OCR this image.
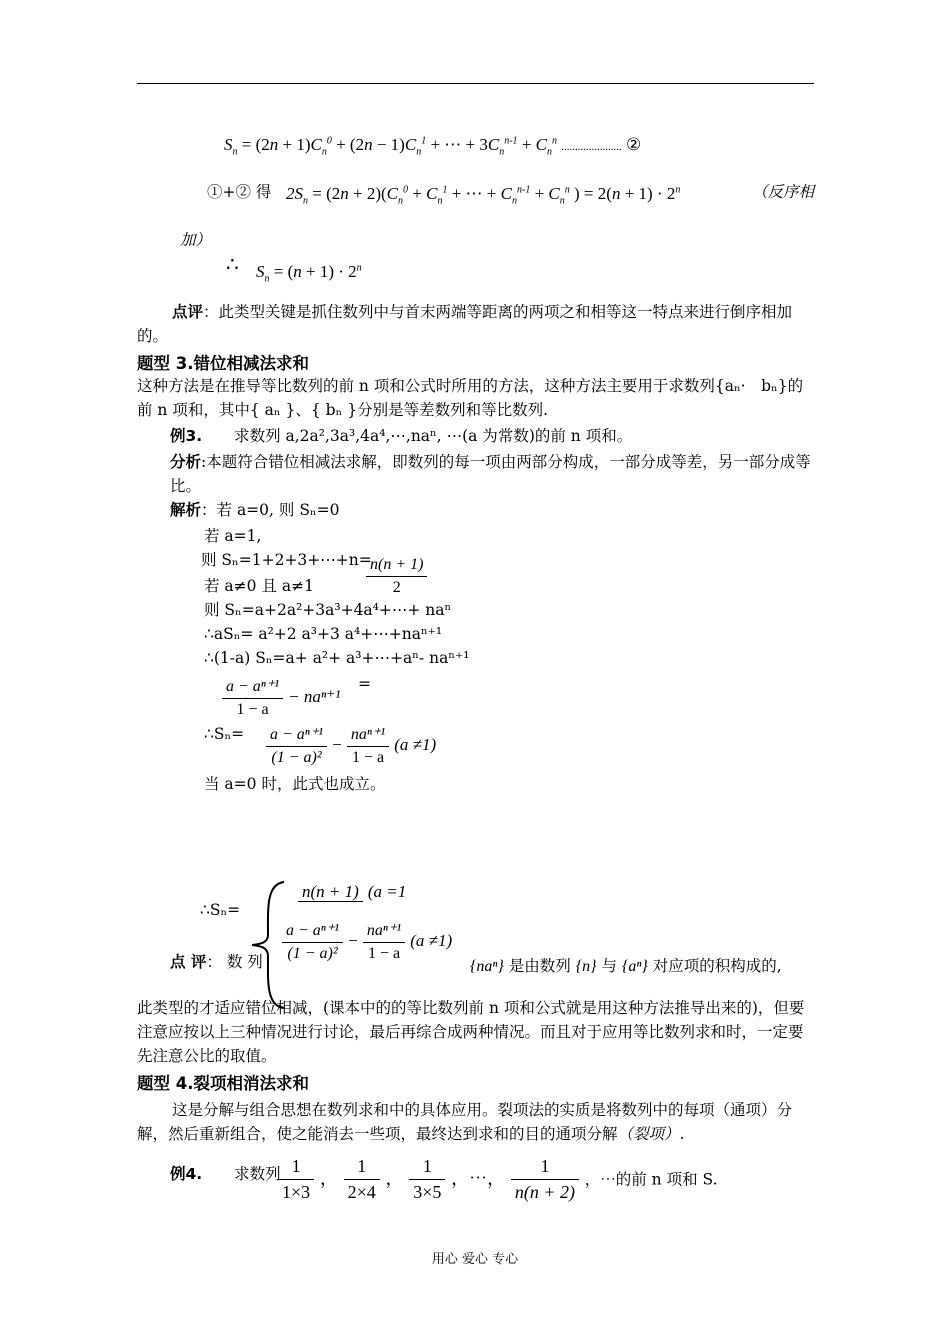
$S_n = (2n + 1)C_n^0 + (2n - 1)C_n^1$ + ⋯ + $3C_n^{n-1} + C_n^n$ ...................... ②
①+② 得 $2S_n = (2n + 2)(C_n^0 + C_n^1$ + ⋯ + $C_n^{n-1} + C_n^n$ ) = $2(n + 1) \cdot 2^n$	（反序相
加）
∴ $S_n = (n + 1) \cdot 2^n$
点评：此类型关键是抓住数列中与首末两端等距离的两项之和相等这一特点来进行倒序相加的。
题型 3.错位相减法求和
这种方法是在推导等比数列的前 n 项和公式时所用的方法，这种方法主要用于求数列{aₙ·　bₙ}的前 n 项和，其中{ aₙ }、{ bₙ }分别是等差数列和等比数列.
例3. 求数列 a,2a²,3a³,4a⁴,⋯,naⁿ, ⋯(a 为常数)的前 n 项和。
分析:本题符合错位相减法求解，即数列的每一项由两部分构成，一部分成等差，另一部分成等比。
解析：若 a=0, 则 Sₙ=0
若 a=1,
则 Sₙ=1+2+3+⋯+n=
$\frac{n(n + 1)}{2}$
若 a≠0 且 a≠1
则 Sₙ=a+2a²+3a³+4a⁴+⋯+ naⁿ
∴aSₙ= a²+2 a³+3 a⁴+⋯+naⁿ⁺¹
∴(1-a) Sₙ=a+ a²+ a³+⋯+aⁿ- naⁿ⁺¹
$\frac{\text{a − aⁿ⁺¹}}{1 - a} - na^{n+1}$
=
∴Sₙ= $\frac{\text{a − aⁿ⁺¹}}{\text{(1 − a)²}} - \frac{\text{naⁿ⁺¹}}{1 - a} (a \ne 1)$
当 a=0 时，此式也成立。
∴Sₙ=
n(n + 1) (a =1
$\frac{\text{a − aⁿ⁺¹}}{\text{(1 − a)²}} - \frac{\text{naⁿ⁺¹}}{1 - a} (a \ne 1)$
点 评： 数 列	{naⁿ} 是由数列 {n} 与 {aⁿ} 对应项的积构成的,
此类型的才适应错位相减，(课本中的的等比数列前 n 项和公式就是用这种方法推导出来的)，但要注意应按以上三种情况进行讨论，最后再综合成两种情况。而且对于应用等比数列求和时，一定要先注意公比的取值。
题型 4.裂项相消法求和
这是分解与组合思想在数列求和中的具体应用。裂项法的实质是将数列中的每项（通项）分解，然后重新组合，使之能消去一些项，最终达到求和的目的通项分解（裂项）.
例4. 求数列
$\frac{1}{1\times 3}$ ， $\frac{1}{2\times 4}$ ， $\frac{1}{3\times 5}$ ，⋯， $\frac{1}{n(n + 2)}$ ，⋯的前 n 项和 S.
用心 爱心 专心
